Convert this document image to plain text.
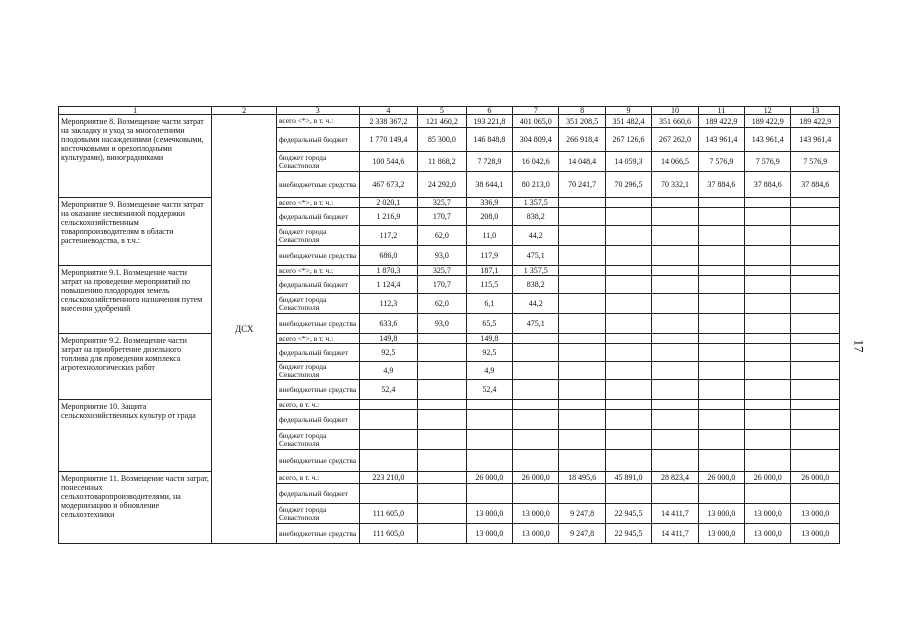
1	2	3	4	5	6	7	8	9	10	11	12	13
Мероприятие 8. Возмещение части затрат на закладку и уход за многолетними плодовыми насаждениями (семечковыми, косточковыми и орехоплодными культурами), виноградниками	ДСХ	всего <*>, в т. ч.:	2 338 367,2	121 460,2	193 221,8	401 065,0	351 208,5	351 482,4	351 660,6	189 422,9	189 422,9	189 422,9
		федеральный бюджет	1 770 149,4	85 300,0	146 848,8	304 809,4	266 918,4	267 126,6	267 262,0	143 961,4	143 961,4	143 961,4
		бюджет города Севастополя	100 544,6	11 868,2	7 728,9	16 042,6	14 048,4	14 059,3	14 066,5	7 576,9	7 576,9	7 576,9
		внебюджетные средства	467 673,2	24 292,0	38 644,1	80 213,0	70 241,7	70 296,5	70 332,1	37 884,6	37 884,6	37 884,6
Мероприятие 9. Возмещение части затрат на оказание несвязанной поддержки сельскохозяйственным товаропроизводителям в области растениеводства, в т.ч.:		всего <*>, в т. ч.:	2 020,1	325,7	336,9	1 357,5						
		федеральный бюджет	1 216,9	170,7	208,0	838,2						
		бюджет города Севастополя	117,2	62,0	11,0	44,2						
		внебюджетные средства	686,0	93,0	117,9	475,1						
Мероприятие 9.1. Возмещение части затрат на проведение мероприятий по повышению плодородия земель сельскохозяйственного назначения путем внесения удобрений		всего <*>, в т. ч.:	1 870,3	325,7	187,1	1 357,5						
		федеральный бюджет	1 124,4	170,7	115,5	838,2						
		бюджет города Севастополя	112,3	62,0	6,1	44,2						
		внебюджетные средства	633,6	93,0	65,5	475,1						
Мероприятие 9.2. Возмещение части затрат на приобретение дизельного топлива для проведения комплекса агротехнологических работ		всего <*>, в т. ч.:	149,8		149,8							
		федеральный бюджет	92,5		92,5							
		бюджет города Севастополя	4,9		4,9							
		внебюджетные средства	52,4		52,4							
Мероприятие 10. Защита сельскохозяйственных культур от града		всего, в т. ч.:										
		федеральный бюджет										
		бюджет города Севастополя										
		внебюджетные средства										
Мероприятие 11. Возмещение части затрат, понесенных сельхозтоваропроизводителями, на модернизацию и обновление сельхозтехники		всего, в т. ч.:	223 210,0		26 000,0	26 000,0	18 495,6	45 891,0	28 823,4	26 000,0	26 000,0	26 000,0
		федеральный бюджет										
		бюджет города Севастополя	111 605,0		13 000,0	13 000,0	9 247,8	22 945,5	14 411,7	13 000,0	13 000,0	13 000,0
		внебюджетные средства	111 605,0		13 000,0	13 000,0	9 247,8	22 945,5	14 411,7	13 000,0	13 000,0	13 000,0
17
